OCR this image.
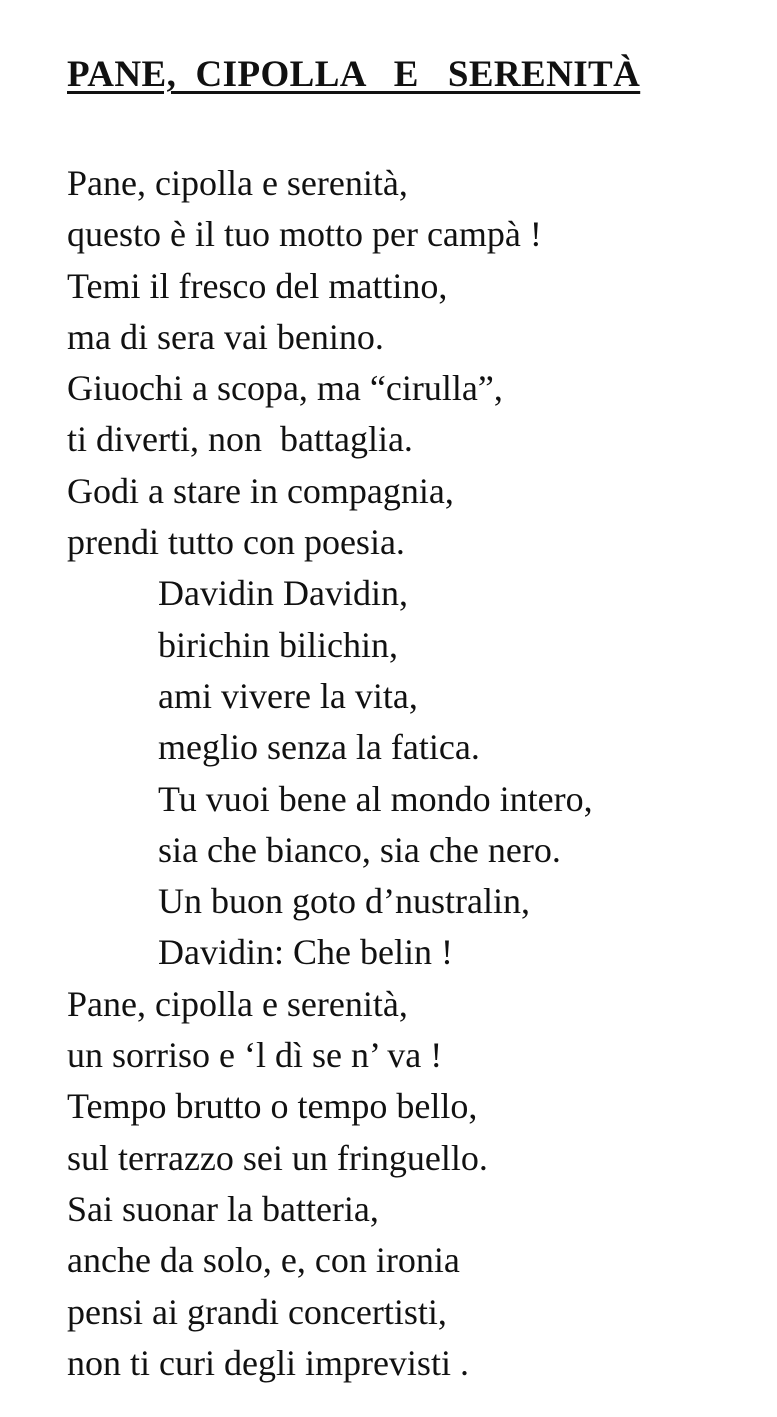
PANE,  CIPOLLA   E   SERENITÀ
Pane, cipolla e serenità,
questo è il tuo motto per campà !
Temi il fresco del mattino,
ma di sera vai benino.
Giuochi a scopa, ma “cirulla”,
ti diverti, non  battaglia.
Godi a stare in compagnia,
prendi tutto con poesia.
Davidin Davidin,
birichin bilichin,
ami vivere la vita,
meglio senza la fatica.
Tu vuoi bene al mondo intero,
sia che bianco, sia che nero.
Un buon goto d’nustralin,
Davidin: Che belin !
Pane, cipolla e serenità,
un sorriso e ‘l dì se n’ va !
Tempo brutto o tempo bello,
sul terrazzo sei un fringuello.
Sai suonar la batteria,
anche da solo, e, con ironia
pensi ai grandi concertisti,
non ti curi degli imprevisti .
